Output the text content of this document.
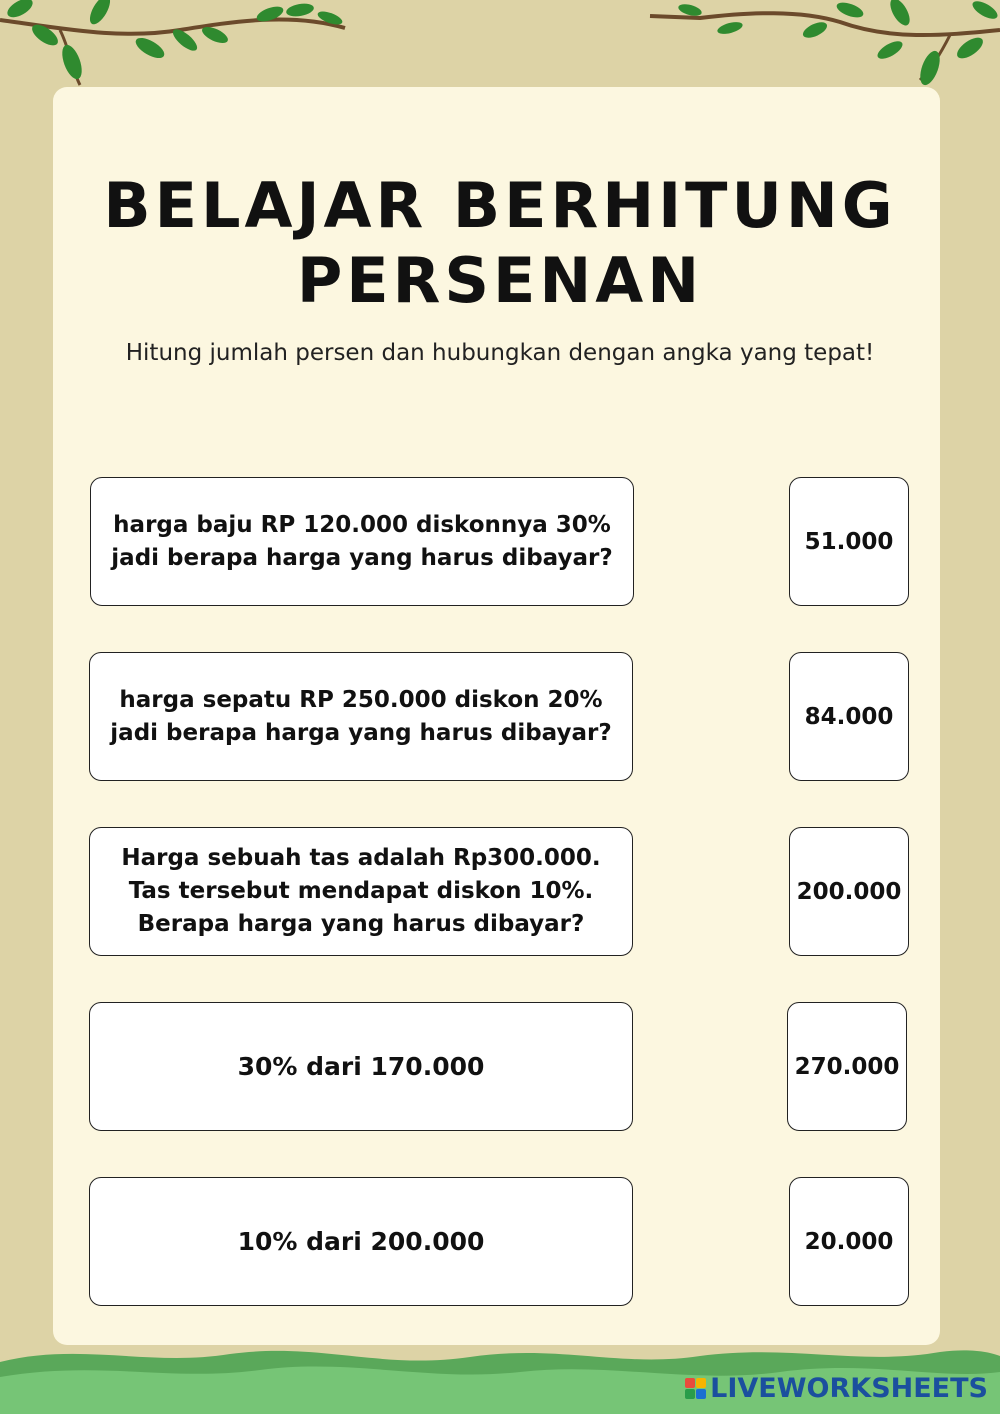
BELAJAR BERHITUNG
PERSENAN

Hitung jumlah persen dan hubungkan dengan angka yang tepat!

harga baju RP 120.000 diskonnya 30%
jadi berapa harga yang harus dibayar?
harga sepatu RP 250.000 diskon 20%
jadi berapa harga yang harus dibayar?
Harga sebuah tas adalah Rp300.000.
Tas tersebut mendapat diskon 10%.
Berapa harga yang harus dibayar?
30% dari 170.000
10% dari 200.000
51.000
84.000
200.000
270.000
20.000
LIVEWORKSHEETS
